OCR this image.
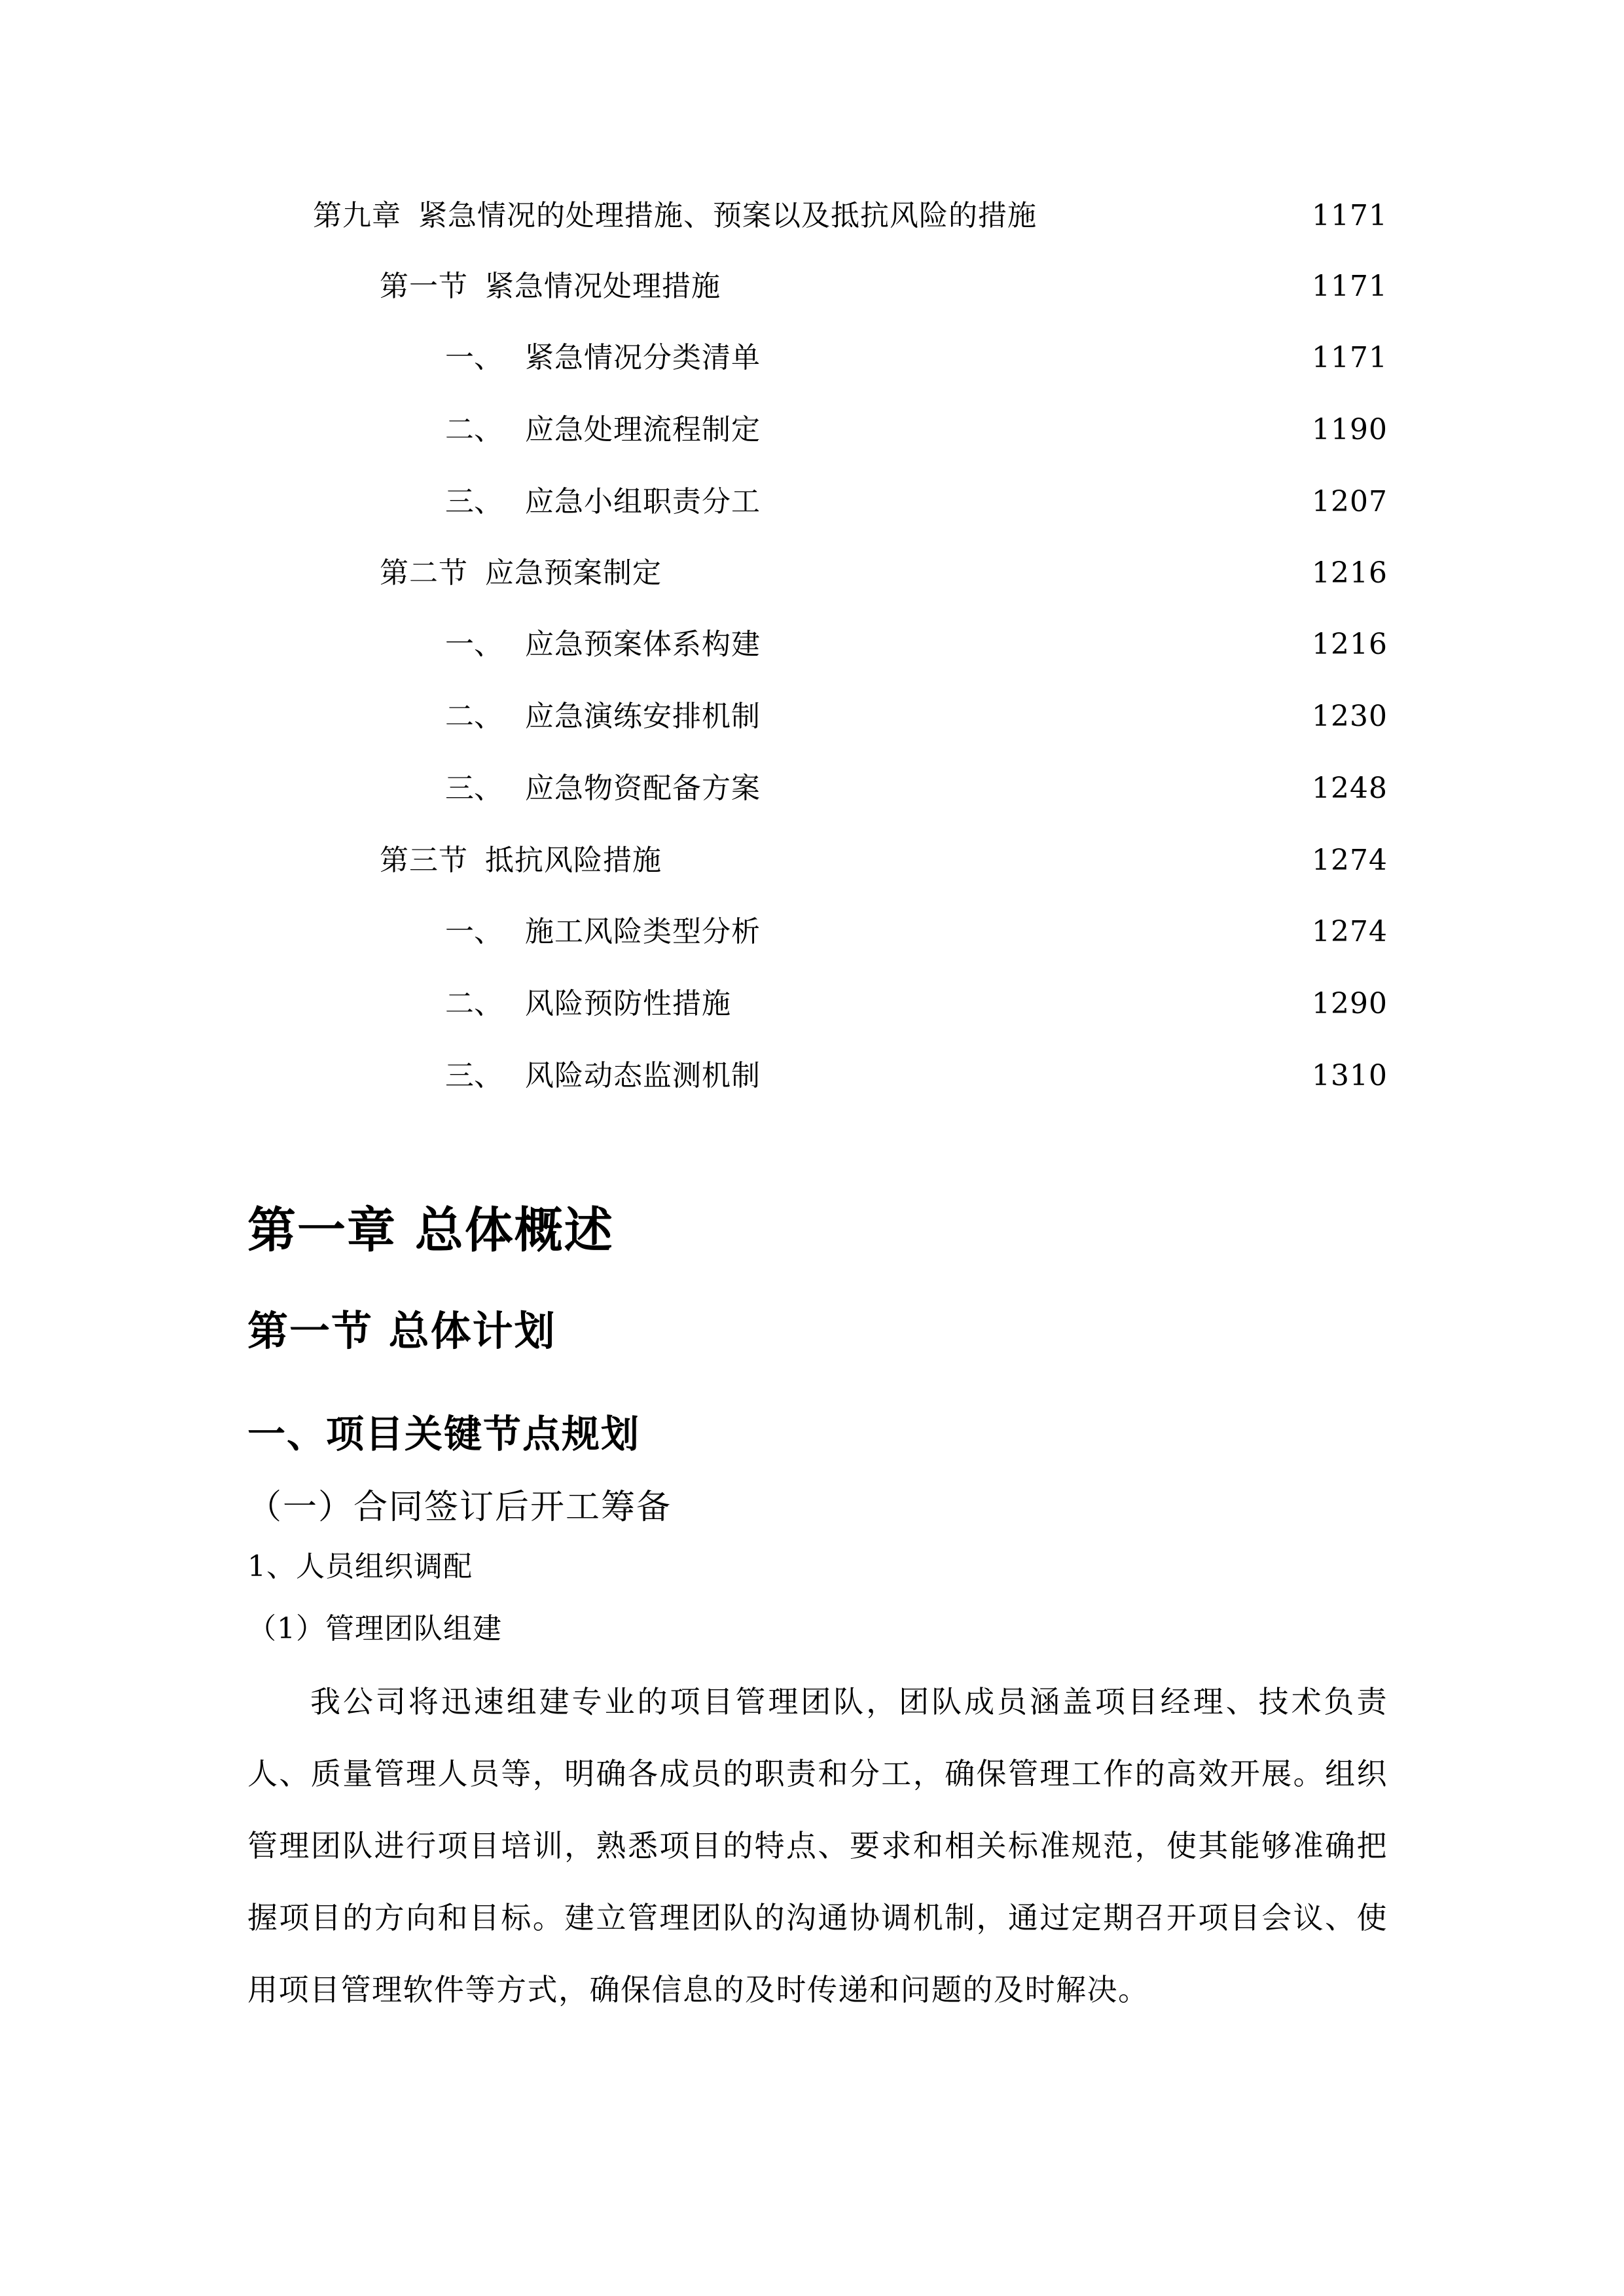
第九章 紧急情况的处理措施、预案以及抵抗风险的措施	1171
第一节 紧急情况处理措施	1171
一、 紧急情况分类清单	1171
二、 应急处理流程制定	1190
三、 应急小组职责分工	1207
第二节 应急预案制定	1216
一、 应急预案体系构建	1216
二、 应急演练安排机制	1230
三、 应急物资配备方案	1248
第三节 抵抗风险措施	1274
一、 施工风险类型分析	1274
二、 风险预防性措施	1290
三、 风险动态监测机制	1310
第一章 总体概述
第一节 总体计划
一、项目关键节点规划
（一）合同签订后开工筹备
1、人员组织调配
（1）管理团队组建

我公司将迅速组建专业的项目管理团队，团队成员涵盖项目经理、技术负责人、质量管理人员等，明确各成员的职责和分工，确保管理工作的高效开展。组织管理团队进行项目培训，熟悉项目的特点、要求和相关标准规范，使其能够准确把握项目的方向和目标。建立管理团队的沟通协调机制，通过定期召开项目会议、使用项目管理软件等方式，确保信息的及时传递和问题的及时解决。
